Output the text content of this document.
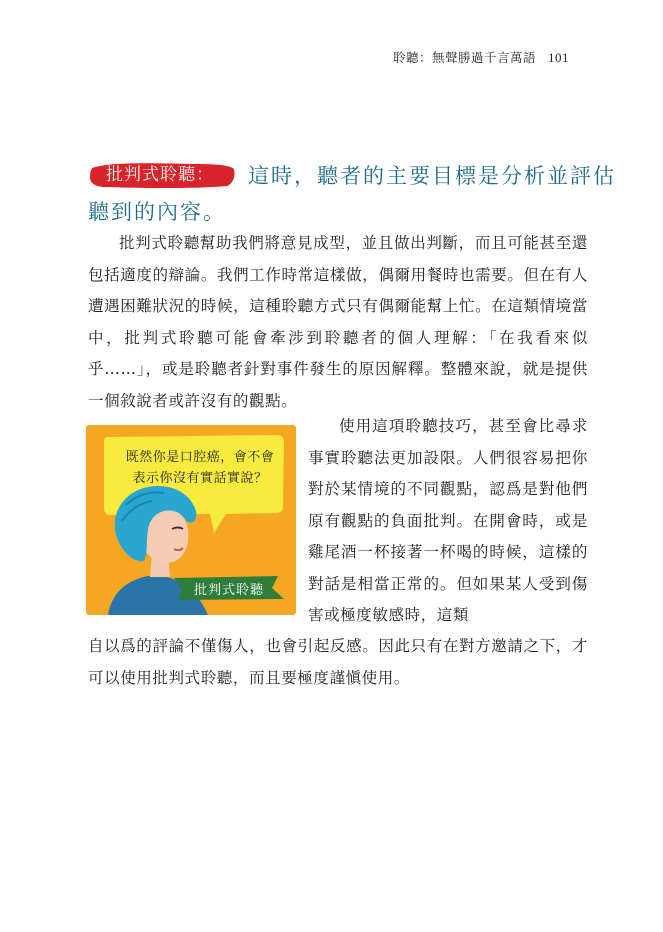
聆聽：無聲勝過千言萬語 101
批判式聆聽：	這時，聽者的主要目標是分析並評估
聽到的內容。

批判式聆聽幫助我們將意見成型，並且做出判斷，而且可能甚至還包括適度的辯論。我們工作時常這樣做，偶爾用餐時也需要。但在有人遭遇困難狀況的時候，這種聆聽方式只有偶爾能幫上忙。在這類情境當中，批判式聆聽可能會牽涉到聆聽者的個人理解：「在我看來似乎……」，或是聆聽者針對事件發生的原因解釋。整體來說，就是提供一個敘說者或許沒有的觀點。

既然你是口腔癌，會不會表示你沒有實話實說？
批判式聆聽

使用這項聆聽技巧，甚至會比尋求事實聆聽法更加設限。人們很容易把你對於某情境的不同觀點，認爲是對他們原有觀點的負面批判。在開會時，或是雞尾酒一杯接著一杯喝的時候，這樣的對話是相當正常的。但如果某人受到傷害或極度敏感時，這類

自以爲的評論不僅傷人，也會引起反感。因此只有在對方邀請之下，才可以使用批判式聆聽，而且要極度謹愼使用。
